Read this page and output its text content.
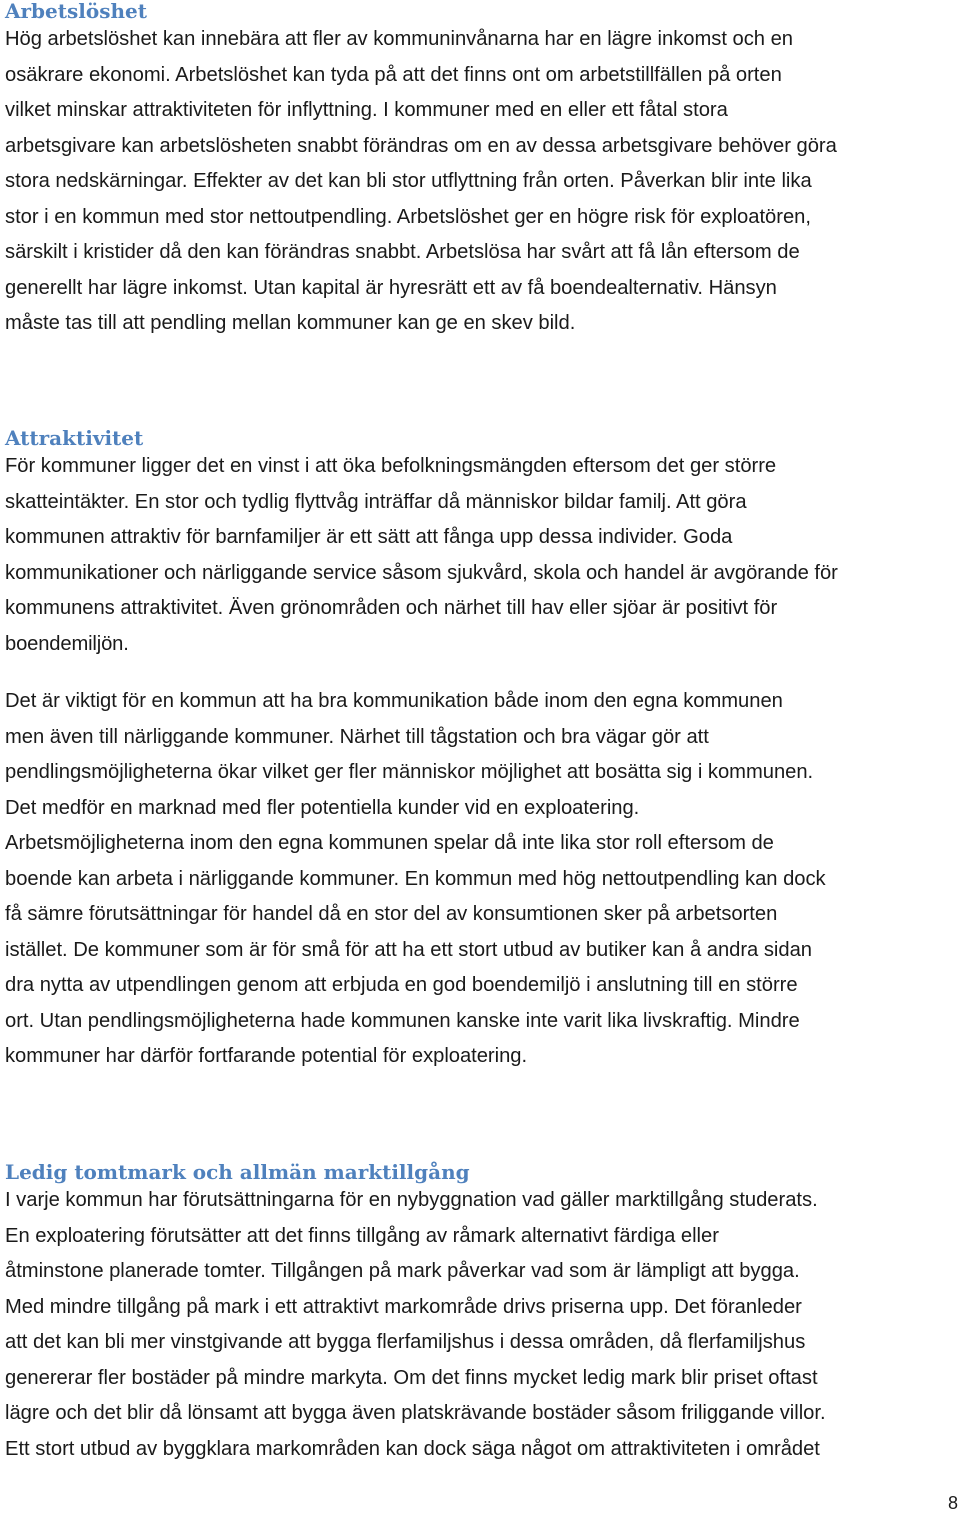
Arbetslöshet

Hög arbetslöshet kan innebära att fler av kommuninvånarna har en lägre inkomst och en
osäkrare ekonomi. Arbetslöshet kan tyda på att det finns ont om arbetstillfällen på orten
vilket minskar attraktiviteten för inflyttning. I kommuner med en eller ett fåtal stora
arbetsgivare kan arbetslösheten snabbt förändras om en av dessa arbetsgivare behöver göra
stora nedskärningar. Effekter av det kan bli stor utflyttning från orten. Påverkan blir inte lika
stor i en kommun med stor nettoutpendling. Arbetslöshet ger en högre risk för exploatören,
särskilt i kristider då den kan förändras snabbt. Arbetslösa har svårt att få lån eftersom de
generellt har lägre inkomst. Utan kapital är hyresrätt ett av få boendealternativ. Hänsyn
måste tas till att pendling mellan kommuner kan ge en skev bild.

Attraktivitet

För kommuner ligger det en vinst i att öka befolkningsmängden eftersom det ger större
skatteintäkter. En stor och tydlig flyttvåg inträffar då människor bildar familj. Att göra
kommunen attraktiv för barnfamiljer är ett sätt att fånga upp dessa individer. Goda
kommunikationer och närliggande service såsom sjukvård, skola och handel är avgörande för
kommunens attraktivitet. Även grönområden och närhet till hav eller sjöar är positivt för
boendemiljön.

Det är viktigt för en kommun att ha bra kommunikation både inom den egna kommunen
men även till närliggande kommuner. Närhet till tågstation och bra vägar gör att
pendlingsmöjligheterna ökar vilket ger fler människor möjlighet att bosätta sig i kommunen.
Det medför en marknad med fler potentiella kunder vid en exploatering.
Arbetsmöjligheterna inom den egna kommunen spelar då inte lika stor roll eftersom de
boende kan arbeta i närliggande kommuner. En kommun med hög nettoutpendling kan dock
få sämre förutsättningar för handel då en stor del av konsumtionen sker på arbetsorten
istället. De kommuner som är för små för att ha ett stort utbud av butiker kan å andra sidan
dra nytta av utpendlingen genom att erbjuda en god boendemiljö i anslutning till en större
ort. Utan pendlingsmöjligheterna hade kommunen kanske inte varit lika livskraftig. Mindre
kommuner har därför fortfarande potential för exploatering.

Ledig tomtmark och allmän marktillgång

I varje kommun har förutsättningarna för en nybyggnation vad gäller marktillgång studerats.
En exploatering förutsätter att det finns tillgång av råmark alternativt färdiga eller
åtminstone planerade tomter. Tillgången på mark påverkar vad som är lämpligt att bygga.
Med mindre tillgång på mark i ett attraktivt markområde drivs priserna upp. Det föranleder
att det kan bli mer vinstgivande att bygga flerfamiljshus i dessa områden, då flerfamiljshus
genererar fler bostäder på mindre markyta. Om det finns mycket ledig mark blir priset oftast
lägre och det blir då lönsamt att bygga även platskrävande bostäder såsom friliggande villor.
Ett stort utbud av byggklara markområden kan dock säga något om attraktiviteten i området

8
